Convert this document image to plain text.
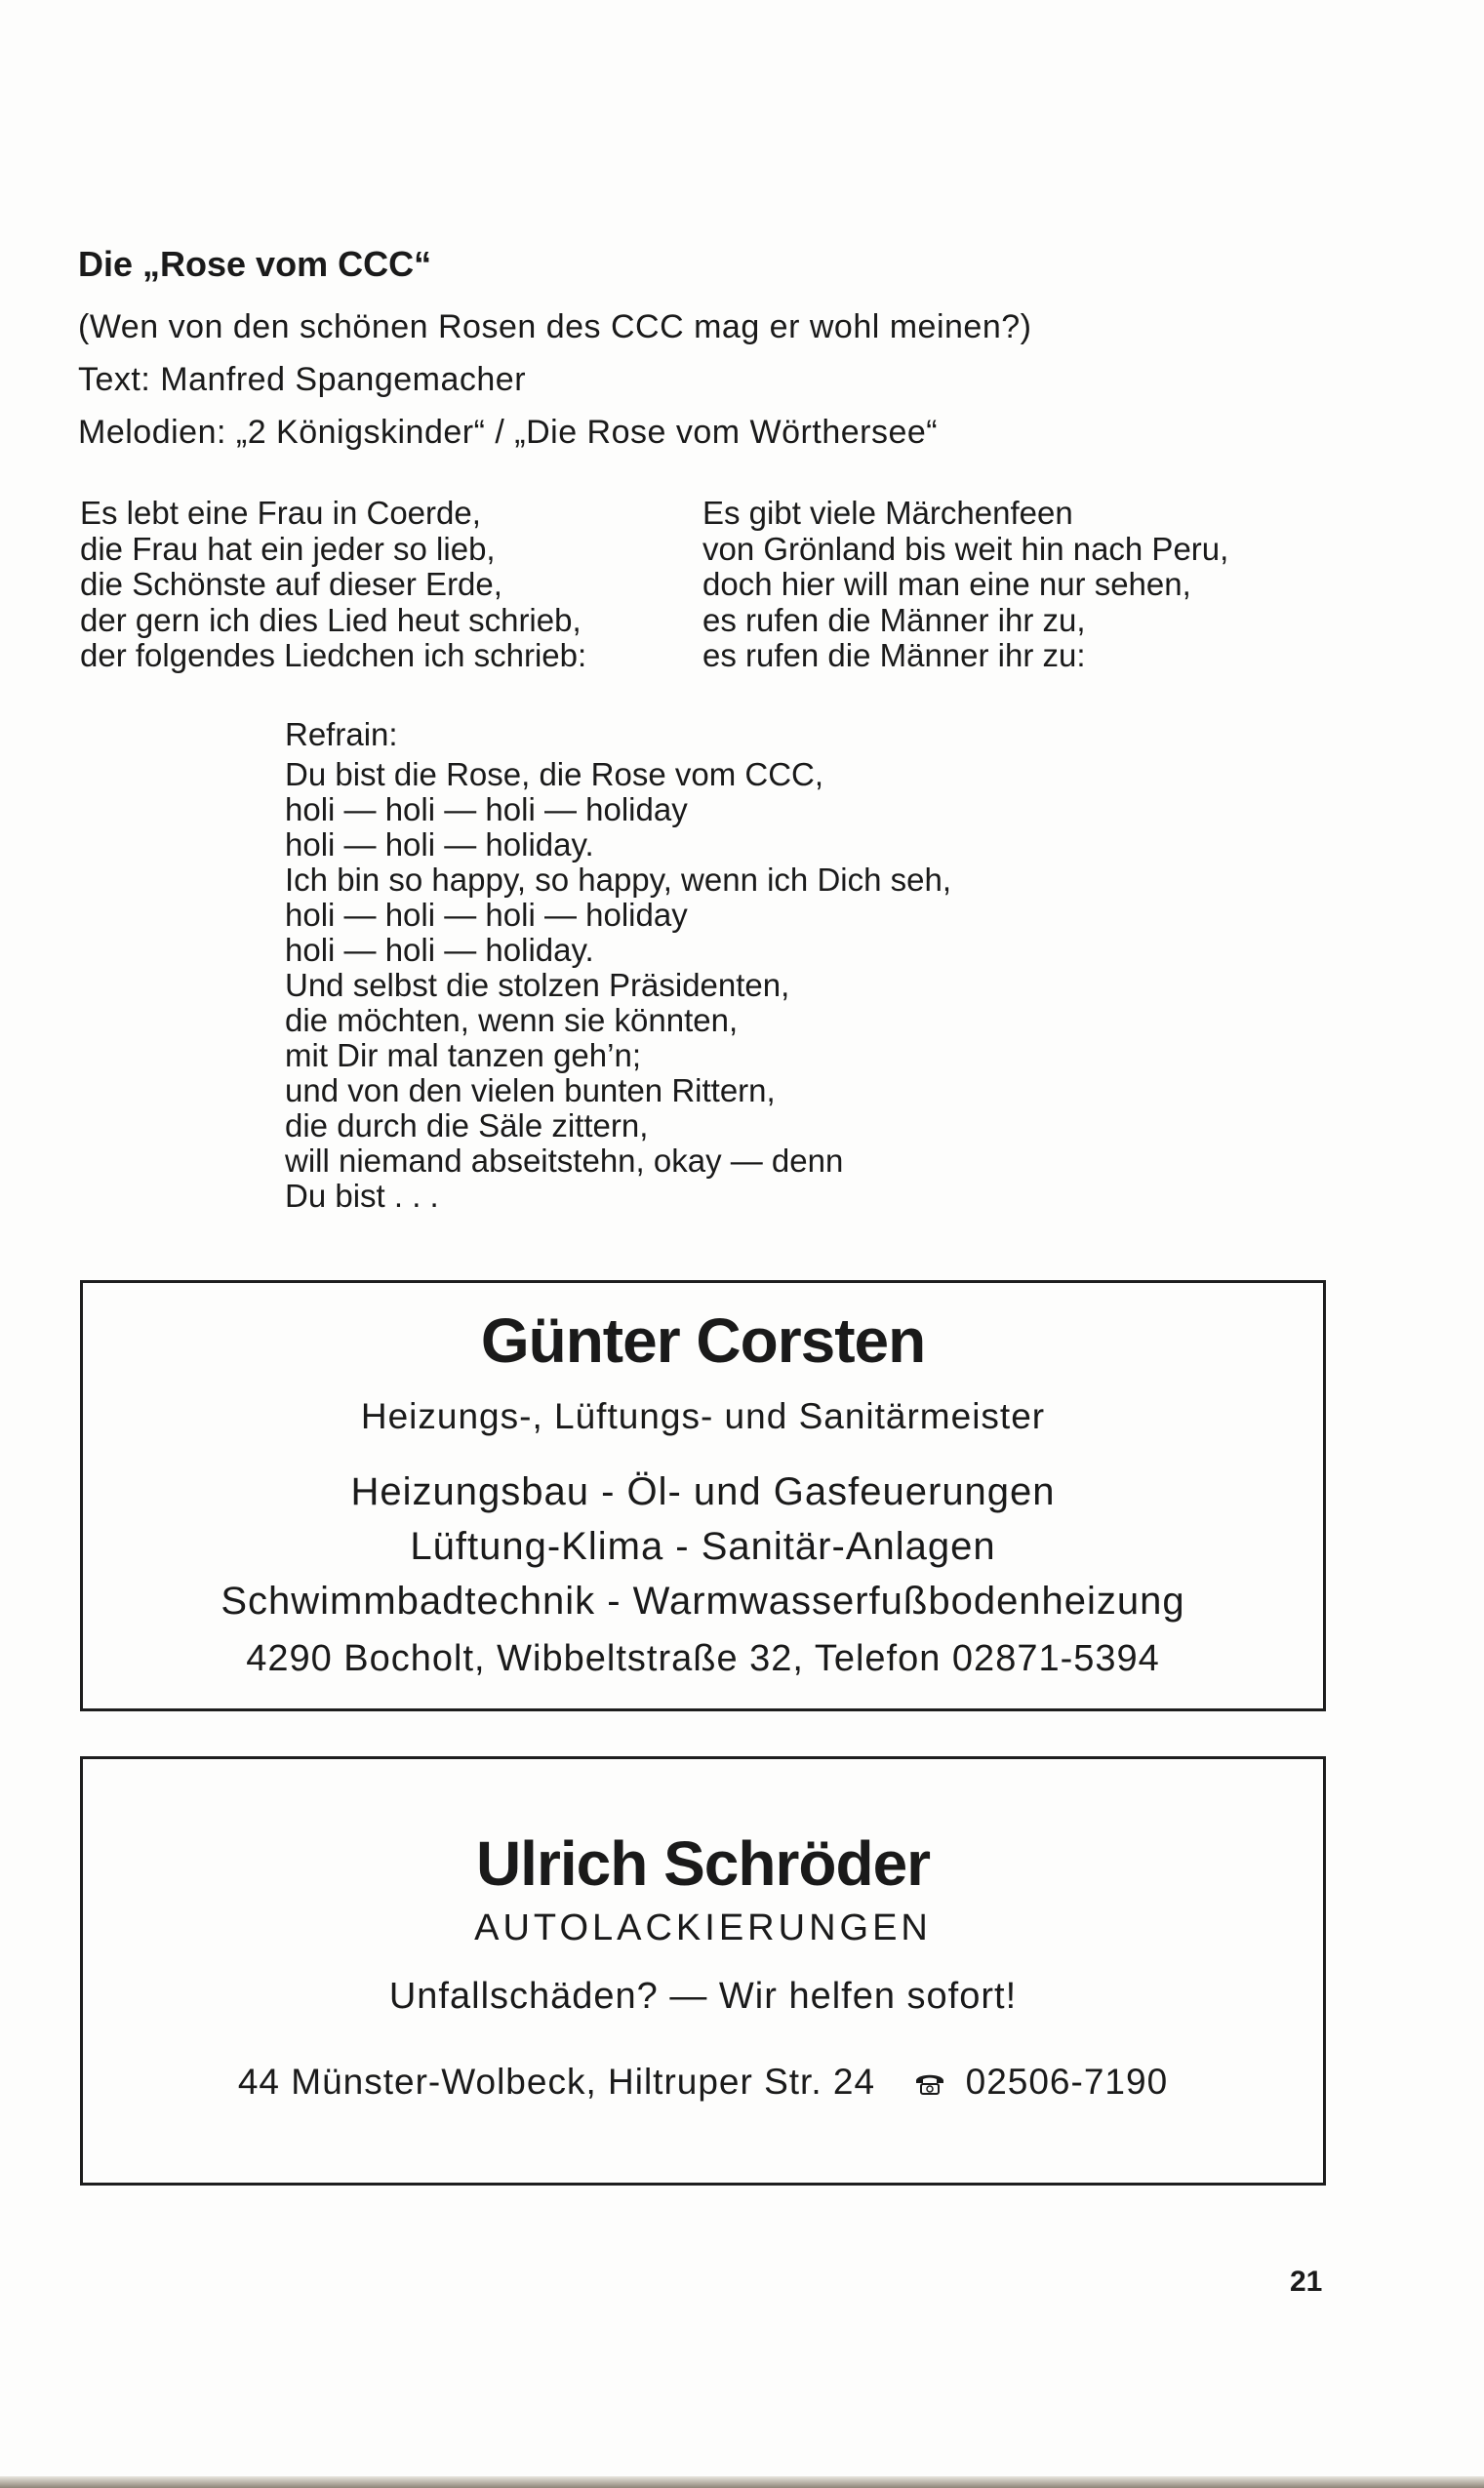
Die „Rose vom CCC“
(Wen von den schönen Rosen des CCC mag er wohl meinen?)
Text: Manfred Spangemacher
Melodien: „2 Königskinder“ / „Die Rose vom Wörthersee“
Es lebt eine Frau in Coerde,
die Frau hat ein jeder so lieb,
die Schönste auf dieser Erde,
der gern ich dies Lied heut schrieb,
der folgendes Liedchen ich schrieb:
Es gibt viele Märchenfeen
von Grönland bis weit hin nach Peru,
doch hier will man eine nur sehen,
es rufen die Männer ihr zu,
es rufen die Männer ihr zu:
Refrain:
Du bist die Rose, die Rose vom CCC,
holi — holi — holi — holiday
holi — holi — holiday.
Ich bin so happy, so happy, wenn ich Dich seh,
holi — holi — holi — holiday
holi — holi — holiday.
Und selbst die stolzen Präsidenten,
die möchten, wenn sie könnten,
mit Dir mal tanzen geh’n;
und von den vielen bunten Rittern,
die durch die Säle zittern,
will niemand abseitstehn, okay — denn
Du bist . . .
Günter Corsten
Heizungs-, Lüftungs- und Sanitärmeister
Heizungsbau - Öl- und Gasfeuerungen
Lüftung-Klima - Sanitär-Anlagen
Schwimmbadtechnik - Warmwasserfußbodenheizung
4290 Bocholt, Wibbeltstraße 32, Telefon 02871-5394
Ulrich Schröder
AUTOLACKIERUNGEN
Unfallschäden? — Wir helfen sofort!
44 Münster-Wolbeck, Hiltruper Str. 24	02506-7190
21
